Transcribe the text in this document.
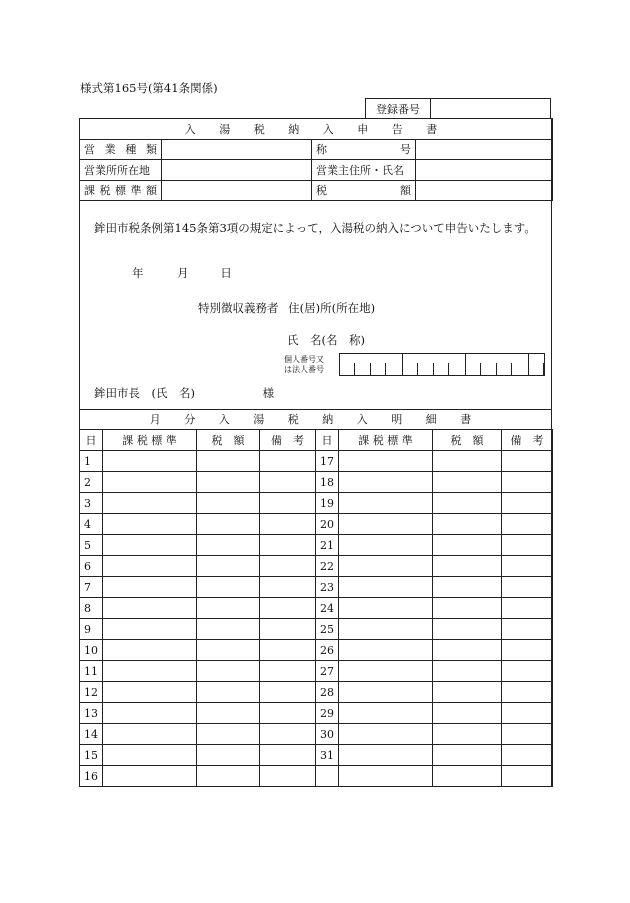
様式第165号(第41条関係)
登録番号
入 湯 税 納 入 申 告 書			
営業種類		称号	
営業所所在地		営業主住所・氏名	
課税標準額		税額	
鉾田市税条例第145条第3項の規定によって，入湯税の納入について申告いたします。
年	月	日
特別徴収義務者 住(居)所(所在地)
氏　名(名　称)
個人番号又
は法人番号
鉾田市長　(氏　名)	様
月 分 入 湯 税 納 入 明 細 書
日	課 税 標 準	税　額	備　考	日	課 税 標 準	税　額	備　考
1				17			
2				18			
3				19			
4				20			
5				21			
6				22			
7				23			
8				24			
9				25			
10				26			
11				27			
12				28			
13				29			
14				30			
15				31			
16							
